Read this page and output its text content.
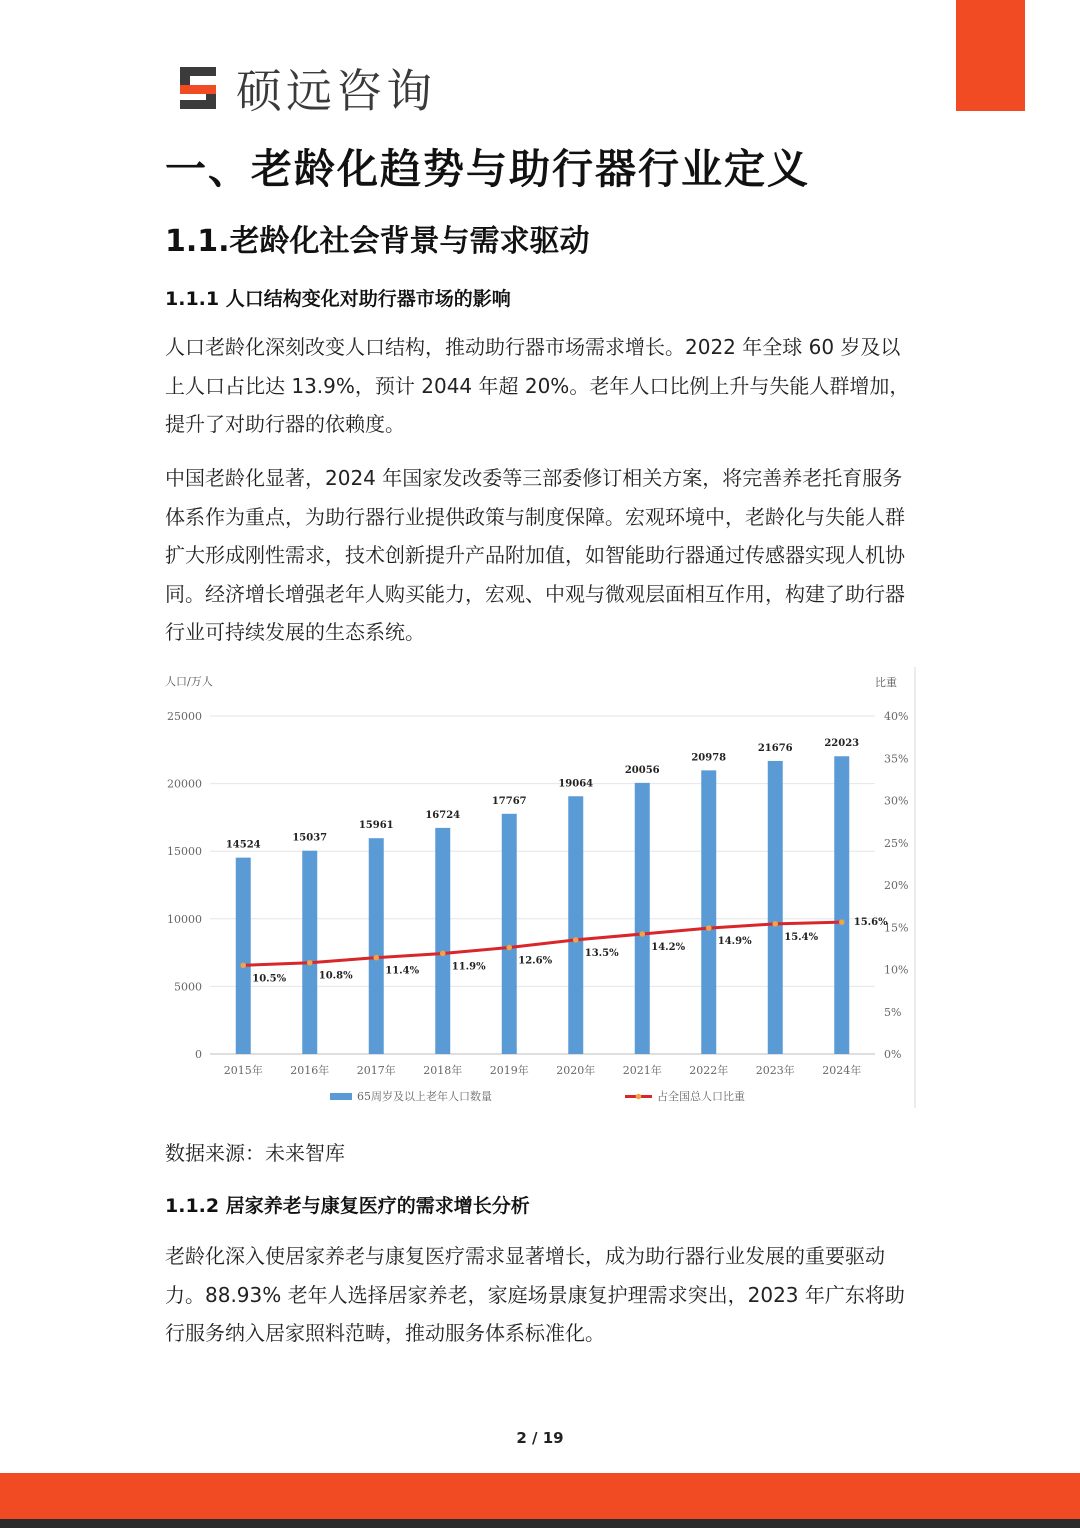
硕远咨询
一、老龄化趋势与助行器行业定义
1.1.老龄化社会背景与需求驱动
1.1.1 人口结构变化对助行器市场的影响

人口老龄化深刻改变人口结构，推动助行器市场需求增长。2022 年全球 60 岁及以上人口占比达 13.9%，预计 2044 年超 20%。老年人口比例上升与失能人群增加，提升了对助行器的依赖度。

中国老龄化显著，2024 年国家发改委等三部委修订相关方案，将完善养老托育服务体系作为重点，为助行器行业提供政策与制度保障。宏观环境中，老龄化与失能人群扩大形成刚性需求，技术创新提升产品附加值，如智能助行器通过传感器实现人机协同。经济增长增强老年人购买能力，宏观、中观与微观层面相互作用，构建了助行器行业可持续发展的生态系统。

人口/万人	比重
25000
20000
15000
10000
5000
0
40%
35%
30%
25%
20%
15%
10%
5%
0%
14524
15037
15961
16724
17767
19064
20056
20978
21676	22023
10.5%	10.8%	11.4%	11.9%
12.6%
13.5%
14.2%
14.9%	15.4%
15.6%
2015年	2016年	2017年	2018年	2019年	2020年	2021年	2022年	2023年	2024年
65周岁及以上老年人口数量	占全国总人口比重
数据来源：未来智库
1.1.2 居家养老与康复医疗的需求增长分析

老龄化深入使居家养老与康复医疗需求显著增长，成为助行器行业发展的重要驱动力。88.93% 老年人选择居家养老，家庭场景康复护理需求突出，2023 年广东将助行服务纳入居家照料范畴，推动服务体系标准化。

2 / 19
